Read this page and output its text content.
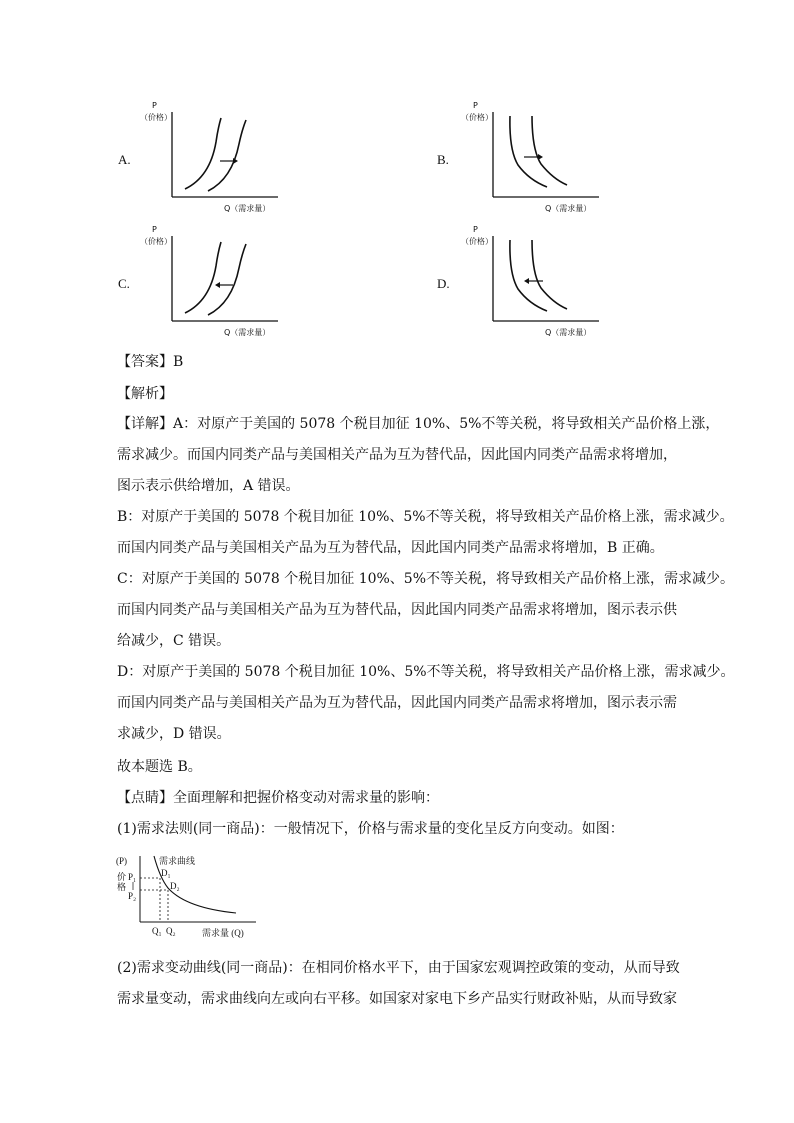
A.
P
（价格）
Q（需求量）
B.
P
（价格）
Q（需求量）
C.
P
（价格）
Q（需求量）
D.
P
（价格）
Q（需求量）
【答案】B
【解析】
【详解】A：对原产于美国的 5078 个税目加征 10%、5%不等关税，将导致相关产品价格上涨，
需求减少。而国内同类产品与美国相关产品为互为替代品，因此国内同类产品需求将增加，
图示表示供给增加，A 错误。
B：对原产于美国的 5078 个税目加征 10%、5%不等关税，将导致相关产品价格上涨，需求减少。
而国内同类产品与美国相关产品为互为替代品，因此国内同类产品需求将增加，B 正确。
C：对原产于美国的 5078 个税目加征 10%、5%不等关税，将导致相关产品价格上涨，需求减少。
而国内同类产品与美国相关产品为互为替代品，因此国内同类产品需求将增加，图示表示供
给减少，C 错误。
D：对原产于美国的 5078 个税目加征 10%、5%不等关税，将导致相关产品价格上涨，需求减少。
而国内同类产品与美国相关产品为互为替代品，因此国内同类产品需求将增加，图示表示需
求减少，D 错误。
故本题选 B。
【点睛】全面理解和把握价格变动对需求量的影响：
(1)需求法则(同一商品)：一般情况下，价格与需求量的变化呈反方向变动。如图：
(P)
价
格
需求曲线
P₁
P₂
D₁
D₂
Q₁ Q₂	需求量 (Q)
(2)需求变动曲线(同一商品)：在相同价格水平下，由于国家宏观调控政策的变动，从而导致
需求量变动，需求曲线向左或向右平移。如国家对家电下乡产品实行财政补贴，从而导致家
